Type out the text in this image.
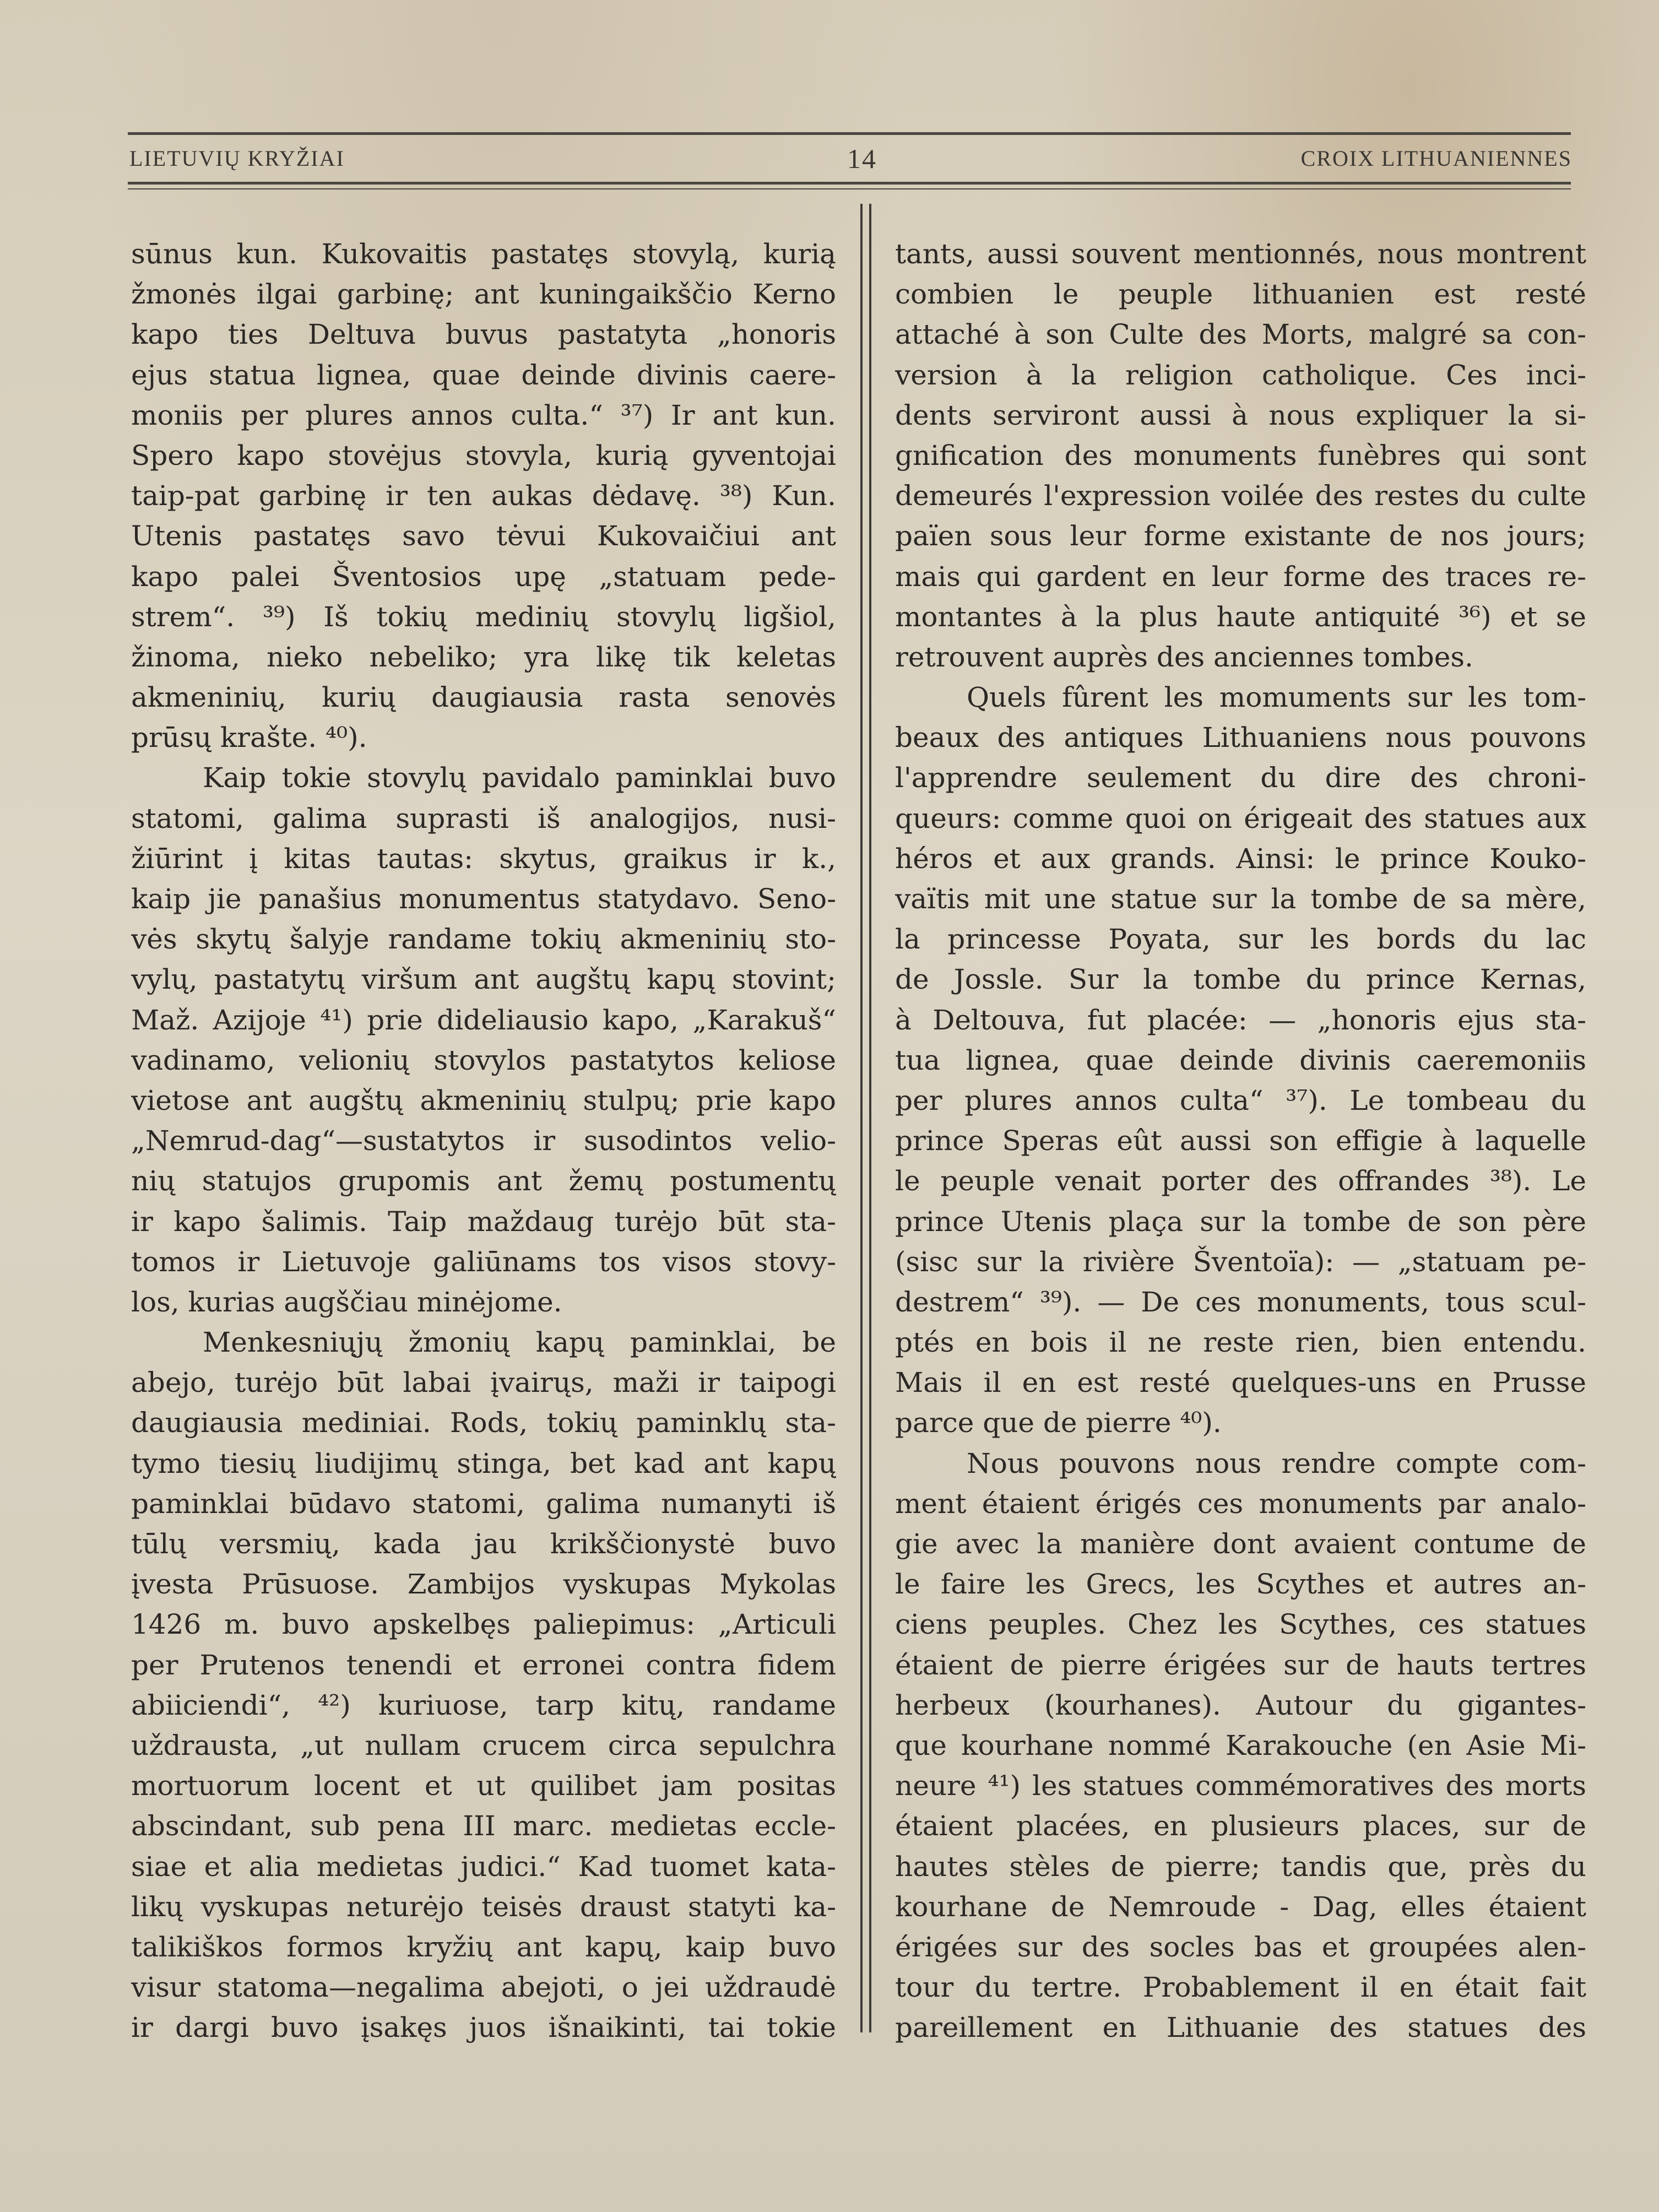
LIETUVIŲ KRYŽIAI	14	CROIX LITHUANIENNES
sūnus kun. Kukovaitis pastatęs stovylą, kurią
žmonės ilgai garbinę; ant kuningaikščio Kerno
kapo ties Deltuva buvus pastatyta „honoris
ejus statua lignea, quae deinde divinis caere-
moniis per plures annos culta.“ ³⁷) Ir ant kun.
Spero kapo stovėjus stovyla, kurią gyventojai
taip-pat garbinę ir ten aukas dėdavę. ³⁸) Kun.
Utenis pastatęs savo tėvui Kukovaičiui ant
kapo palei Šventosios upę „statuam pede-
strem“. ³⁹) Iš tokių medinių stovylų ligšiol,
žinoma, nieko nebeliko; yra likę tik keletas
akmeninių, kurių daugiausia rasta senovės
prūsų krašte. ⁴⁰).
Kaip tokie stovylų pavidalo paminklai buvo
statomi, galima suprasti iš analogijos, nusi-
žiūrint į kitas tautas: skytus, graikus ir k.,
kaip jie panašius monumentus statydavo. Seno-
vės skytų šalyje randame tokių akmeninių sto-
vylų, pastatytų viršum ant augštų kapų stovint;
Maž. Azijoje ⁴¹) prie dideliausio kapo, „Karakuš“
vadinamo, velionių stovylos pastatytos keliose
vietose ant augštų akmeninių stulpų; prie kapo
„Nemrud-dag“—sustatytos ir susodintos velio-
nių statujos grupomis ant žemų postumentų
ir kapo šalimis. Taip maždaug turėjo būt sta-
tomos ir Lietuvoje galiūnams tos visos stovy-
los, kurias augščiau minėjome.
Menkesniųjų žmonių kapų paminklai, be
abejo, turėjo būt labai įvairųs, maži ir taipogi
daugiausia mediniai. Rods, tokių paminklų sta-
tymo tiesių liudijimų stinga, bet kad ant kapų
paminklai būdavo statomi, galima numanyti iš
tūlų versmių, kada jau krikščionystė buvo
įvesta Prūsuose. Zambijos vyskupas Mykolas
1426 m. buvo apskelbęs paliepimus: „Articuli
per Prutenos tenendi et erronei contra fidem
abiiciendi“, ⁴²) kuriuose, tarp kitų, randame
uždrausta, „ut nullam crucem circa sepulchra
mortuorum locent et ut quilibet jam positas
abscindant, sub pena III marc. medietas eccle-
siae et alia medietas judici.“ Kad tuomet kata-
likų vyskupas neturėjo teisės draust statyti ka-
talikiškos formos kryžių ant kapų, kaip buvo
visur statoma—negalima abejoti, o jei uždraudė
ir dargi buvo įsakęs juos išnaikinti, tai tokie
tants, aussi souvent mentionnés, nous montrent
combien le peuple lithuanien est resté
attaché à son Culte des Morts, malgré sa con-
version à la religion catholique. Ces inci-
dents serviront aussi à nous expliquer la si-
gnification des monuments funèbres qui sont
demeurés l'expression voilée des restes du culte
païen sous leur forme existante de nos jours;
mais qui gardent en leur forme des traces re-
montantes à la plus haute antiquité ³⁶) et se
retrouvent auprès des anciennes tombes.
Quels fûrent les momuments sur les tom-
beaux des antiques Lithuaniens nous pouvons
l'apprendre seulement du dire des chroni-
queurs: comme quoi on érigeait des statues aux
héros et aux grands. Ainsi: le prince Kouko-
vaïtis mit une statue sur la tombe de sa mère,
la princesse Poyata, sur les bords du lac
de Jossle. Sur la tombe du prince Kernas,
à Deltouva, fut placée: — „honoris ejus sta-
tua lignea, quae deinde divinis caeremoniis
per plures annos culta“ ³⁷). Le tombeau du
prince Speras eût aussi son effigie à laquelle
le peuple venait porter des offrandes ³⁸). Le
prince Utenis plaça sur la tombe de son père
(sisc sur la rivière Šventoïa): — „statuam pe-
destrem“ ³⁹). — De ces monuments, tous scul-
ptés en bois il ne reste rien, bien entendu.
Mais il en est resté quelques-uns en Prusse
parce que de pierre ⁴⁰).
Nous pouvons nous rendre compte com-
ment étaient érigés ces monuments par analo-
gie avec la manière dont avaient contume de
le faire les Grecs, les Scythes et autres an-
ciens peuples. Chez les Scythes, ces statues
étaient de pierre érigées sur de hauts tertres
herbeux (kourhanes). Autour du gigantes-
que kourhane nommé Karakouche (en Asie Mi-
neure ⁴¹) les statues commémoratives des morts
étaient placées, en plusieurs places, sur de
hautes stèles de pierre; tandis que, près du
kourhane de Nemroude - Dag, elles étaient
érigées sur des socles bas et groupées alen-
tour du tertre. Probablement il en était fait
pareillement en Lithuanie des statues des
